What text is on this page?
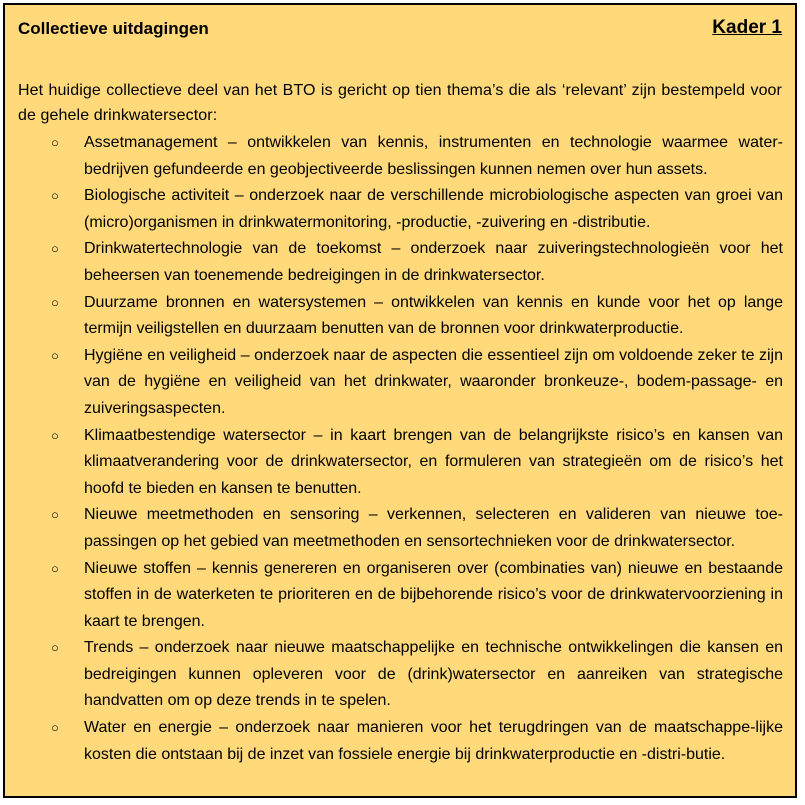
Collectieve uitdagingen	Kader 1
Het huidige collectieve deel van het BTO is gericht op tien thema’s die als ‘relevant’ zijn bestempeld voor de gehele drinkwatersector:
○ Assetmanagement – ontwikkelen van kennis, instrumenten en technologie waarmee water-bedrijven gefundeerde en geobjectiveerde beslissingen kunnen nemen over hun assets.
○ Biologische activiteit – onderzoek naar de verschillende microbiologische aspecten van groei van (micro)organismen in drinkwatermonitoring, -productie, -zuivering en -distributie.
○ Drinkwatertechnologie van de toekomst – onderzoek naar zuiveringstechnologieën voor het beheersen van toenemende bedreigingen in de drinkwatersector.
○ Duurzame bronnen en watersystemen – ontwikkelen van kennis en kunde voor het op lange termijn veiligstellen en duurzaam benutten van de bronnen voor drinkwaterproductie.
○ Hygiëne en veiligheid – onderzoek naar de aspecten die essentieel zijn om voldoende zeker te zijn van de hygiëne en veiligheid van het drinkwater, waaronder bronkeuze-, bodem-passage- en zuiveringsaspecten.
○ Klimaatbestendige watersector – in kaart brengen van de belangrijkste risico’s en kansen van klimaatverandering voor de drinkwatersector, en formuleren van strategieën om de risico’s het hoofd te bieden en kansen te benutten.
○ Nieuwe meetmethoden en sensoring – verkennen, selecteren en valideren van nieuwe toe-passingen op het gebied van meetmethoden en sensortechnieken voor de drinkwatersector.
○ Nieuwe stoffen – kennis genereren en organiseren over (combinaties van) nieuwe en bestaande stoffen in de waterketen te prioriteren en de bijbehorende risico’s voor de drinkwatervoorziening in kaart te brengen.
○ Trends – onderzoek naar nieuwe maatschappelijke en technische ontwikkelingen die kansen en bedreigingen kunnen opleveren voor de (drink)watersector en aanreiken van strategische handvatten om op deze trends in te spelen.
○ Water en energie – onderzoek naar manieren voor het terugdringen van de maatschappe-lijke kosten die ontstaan bij de inzet van fossiele energie bij drinkwaterproductie en -distri-butie.
